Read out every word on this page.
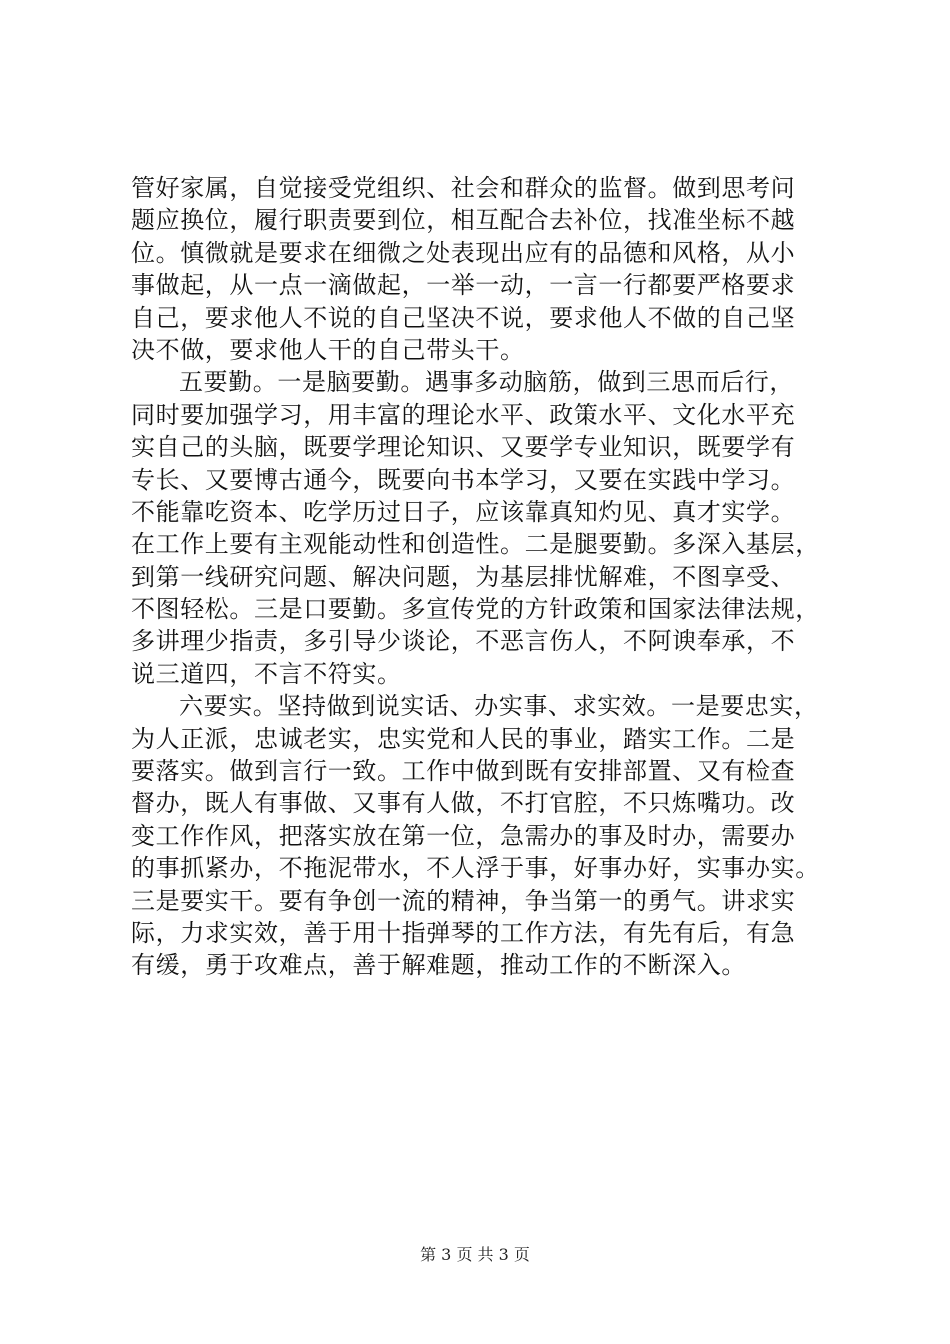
管好家属，自觉接受党组织、社会和群众的监督。做到思考问
题应换位，履行职责要到位，相互配合去补位，找准坐标不越
位。慎微就是要求在细微之处表现出应有的品德和风格，从小
事做起，从一点一滴做起，一举一动，一言一行都要严格要求
自己，要求他人不说的自己坚决不说，要求他人不做的自己坚
决不做，要求他人干的自己带头干。
五要勤。一是脑要勤。遇事多动脑筋，做到三思而后行，
同时要加强学习，用丰富的理论水平、政策水平、文化水平充
实自己的头脑，既要学理论知识、又要学专业知识，既要学有
专长、又要博古通今，既要向书本学习，又要在实践中学习。
不能靠吃资本、吃学历过日子，应该靠真知灼见、真才实学。
在工作上要有主观能动性和创造性。二是腿要勤。多深入基层，
到第一线研究问题、解决问题，为基层排忧解难，不图享受、
不图轻松。三是口要勤。多宣传党的方针政策和国家法律法规，
多讲理少指责，多引导少谈论，不恶言伤人，不阿谀奉承，不
说三道四，不言不符实。
六要实。坚持做到说实话、办实事、求实效。一是要忠实，
为人正派，忠诚老实，忠实党和人民的事业，踏实工作。二是
要落实。做到言行一致。工作中做到既有安排部置、又有检查
督办，既人有事做、又事有人做，不打官腔，不只炼嘴功。改
变工作作风，把落实放在第一位，急需办的事及时办，需要办
的事抓紧办，不拖泥带水，不人浮于事，好事办好，实事办实。
三是要实干。要有争创一流的精神，争当第一的勇气。讲求实
际，力求实效，善于用十指弹琴的工作方法，有先有后，有急
有缓，勇于攻难点，善于解难题，推动工作的不断深入。
第 3 页 共 3 页
